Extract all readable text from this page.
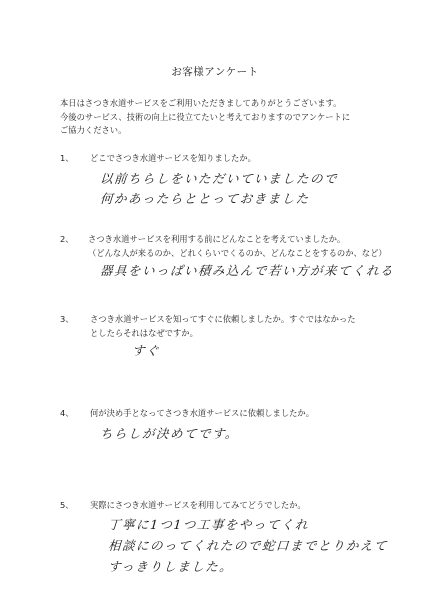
お客様アンケート
本日はさつき水道サービスをご利用いただきましてありがとうございます。
今後のサービス、技術の向上に役立てたいと考えておりますのでアンケートに
ご協力ください。
1、 どこでさつき水道サービスを知りましたか。
以前ちらしをいただいていましたので
何かあったらととっておきました
2、 さつき水道サービスを利用する前にどんなことを考えていましたか。
（どんな人が来るのか、どれくらいでくるのか、どんなことをするのか、など）
器具をいっぱい積み込んで若い方が来てくれる
3、 さつき水道サービスを知ってすぐに依頼しましたか。すぐではなかった
としたらそれはなぜですか。
すぐ
4、 何が決め手となってさつき水道サービスに依頼しましたか。
ちらしが決めてです。
5、 実際にさつき水道サービスを利用してみてどうでしたか。
丁寧に1つ1つ工事をやってくれ
相談にのってくれたので蛇口までとりかえて
すっきりしました。
